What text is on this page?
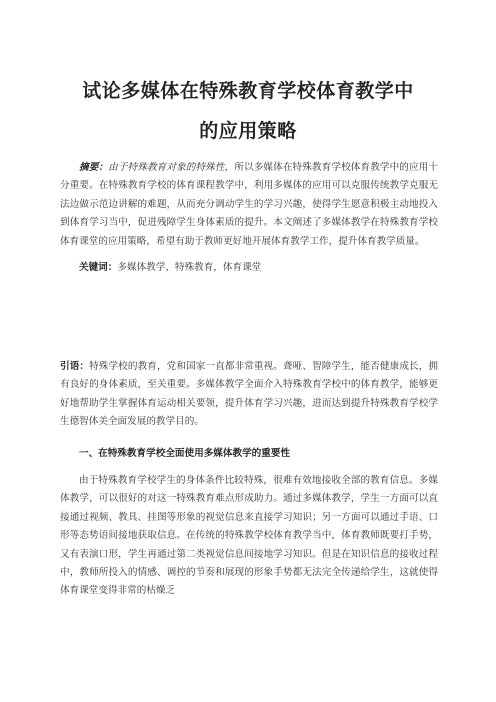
试论多媒体在特殊教育学校体育教学中
的应用策略

摘要：由于特殊教育对象的特殊性，所以多媒体在特殊教育学校体育教学中的应用十分重要。在特殊教育学校的体育课程教学中，利用多媒体的应用可以克服传统教学克服无法边做示范边讲解的难题，从而充分调动学生的学习兴趣，使得学生愿意积极主动地投入到体育学习当中，促进残障学生身体素质的提升。本文阐述了多媒体教学在特殊教育学校体育课堂的应用策略，希望有助于教师更好地开展体育教学工作，提升体育教学质量。

关键词：多媒体教学、特殊教育，体育课堂

引语：特殊学校的教育，党和国家一直都非常重视。聋哑、智障学生，能否健康成长，拥有良好的身体素质，至关重要。多媒体教学全面介入特殊教育学校中的体育教学，能够更好地帮助学生掌握体育运动相关要领，提升体育学习兴趣，进而达到提升特殊教育学校学生德智体美全面发展的教学目的。

一、在特殊教育学校全面使用多媒体教学的重要性

由于特殊教育学校学生的身体条件比较特殊，很难有效地接收全部的教育信息。多媒体教学，可以很好的对这一特殊教育难点形成助力。通过多媒体教学，学生一方面可以直接通过视频、教具、挂图等形象的视觉信息来直接学习知识；另一方面可以通过手语、口形等态势语间接地获取信息。在传统的特殊教学校体育教学当中，体育教师既要打手势，又有表演口形，学生再通过第二类视觉信息间接地学习知识。但是在知识信息的接收过程中，教师所投入的情感、调控的节奏和展现的形象手势都无法完全传递给学生，这就使得体育课堂变得非常的枯燥乏
